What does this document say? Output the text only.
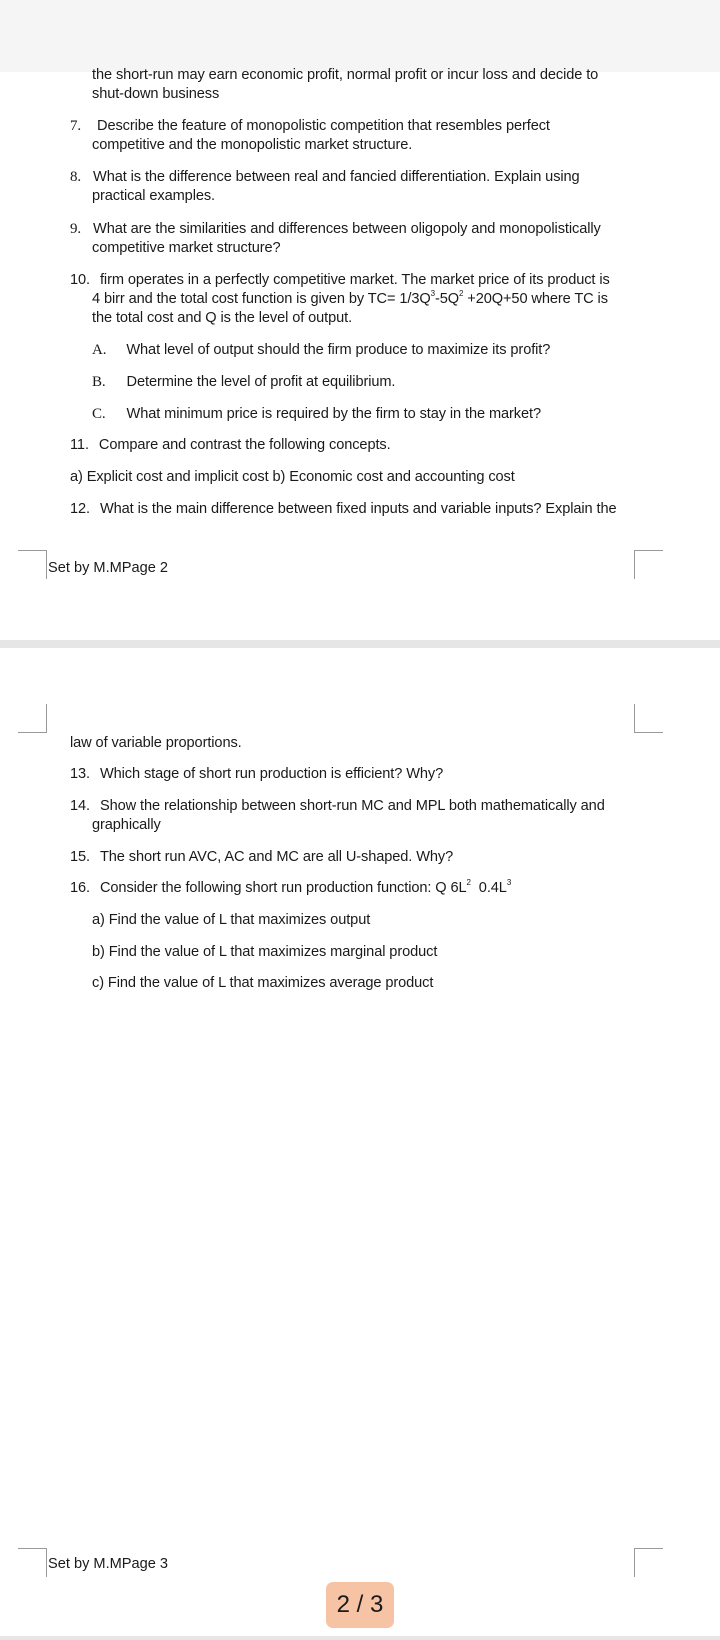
the short-run may earn economic profit, normal profit or incur loss and decide to
shut-down business
7. Describe the feature of monopolistic competition that resembles perfect
competitive and the monopolistic market structure.
8. What is the difference between real and fancied differentiation. Explain using
practical examples.
9. What are the similarities and differences between oligopoly and monopolistically
competitive market structure?
10. firm operates in a perfectly competitive market. The market price of its product is
4 birr and the total cost function is given by $TC= 1/3Q^3-5Q^2 +20Q+50$ where TC is
the total cost and Q is the level of output.
A. What level of output should the firm produce to maximize its profit?
B. Determine the level of profit at equilibrium.
C. What minimum price is required by the firm to stay in the market?
11. Compare and contrast the following concepts.
a) Explicit cost and implicit cost b) Economic cost and accounting cost
12. What is the main difference between fixed inputs and variable inputs? Explain the
Set by M.MPage 2
law of variable proportions.
13. Which stage of short run production is efficient? Why?
14. Show the relationship between short-run MC and MPL both mathematically and
graphically
15. The short run AVC, AC and MC are all U-shaped. Why?
16. Consider the following short run production function: Q $6L^2$  $0.4L^3$
a) Find the value of L that maximizes output
b) Find the value of L that maximizes marginal product
c) Find the value of L that maximizes average product
Set by M.MPage 3
2 / 3
